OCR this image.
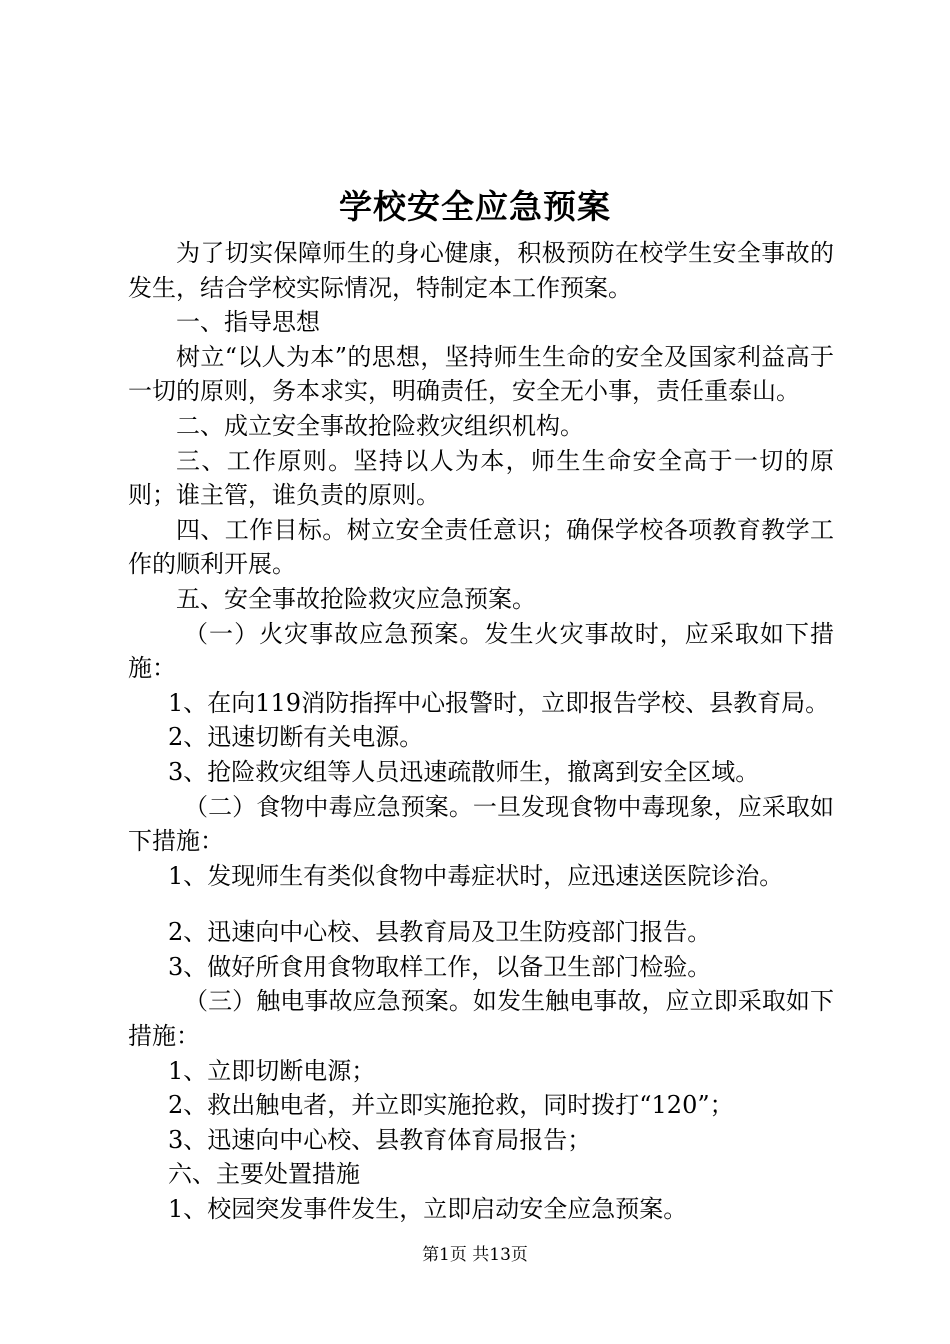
学校安全应急预案

为了切实保障师生的身心健康，积极预防在校学生安全事故的发生，结合学校实际情况，特制定本工作预案。

一、指导思想

树立“以人为本”的思想，坚持师生生命的安全及国家利益高于一切的原则，务本求实，明确责任，安全无小事，责任重泰山。

二、成立安全事故抢险救灾组织机构。

三、工作原则。坚持以人为本，师生生命安全高于一切的原则；谁主管，谁负责的原则。

四、工作目标。树立安全责任意识；确保学校各项教育教学工作的顺利开展。

五、安全事故抢险救灾应急预案。

（一）火灾事故应急预案。发生火灾事故时，应采取如下措施：

1、在向119消防指挥中心报警时，立即报告学校、县教育局。

2、迅速切断有关电源。

3、抢险救灾组等人员迅速疏散师生，撤离到安全区域。

（二）食物中毒应急预案。一旦发现食物中毒现象，应采取如下措施：

1、发现师生有类似食物中毒症状时，应迅速送医院诊治。

2、迅速向中心校、县教育局及卫生防疫部门报告。

3、做好所食用食物取样工作，以备卫生部门检验。

（三）触电事故应急预案。如发生触电事故，应立即采取如下措施：

1、立即切断电源；

2、救出触电者，并立即实施抢救，同时拨打“120”；

3、迅速向中心校、县教育体育局报告；

六、主要处置措施

1、校园突发事件发生，立即启动安全应急预案。

第1页 共13页
